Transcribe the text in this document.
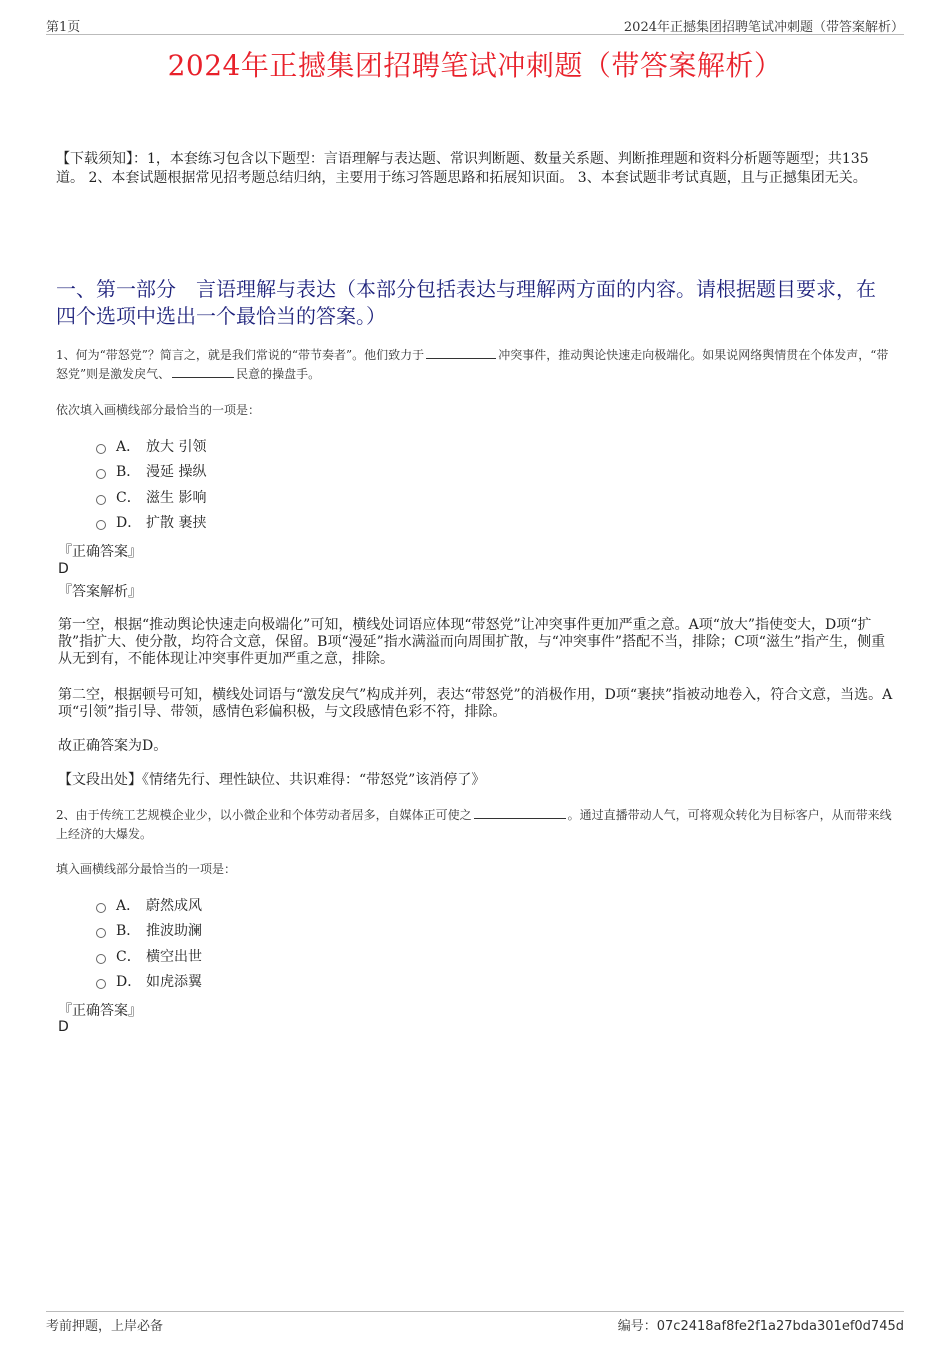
第1页	2024年正撼集团招聘笔试冲刺题（带答案解析）
2024年正撼集团招聘笔试冲刺题（带答案解析）
【下载须知】：1，本套练习包含以下题型：言语理解与表达题、常识判断题、数量关系题、判断推理题和资料分析题等题型；共135道。 2、本套试题根据常见招考题总结归纳，主要用于练习答题思路和拓展知识面。 3、本套试题非考试真题，且与正撼集团无关。
一、第一部分　言语理解与表达（本部分包括表达与理解两方面的内容。请根据题目要求，在四个选项中选出一个最恰当的答案。）
1、何为“带怒党”？简言之，就是我们常说的“带节奏者”。他们致力于	冲突事件，推动舆论快速走向极端化。如果说网络舆情贯在个体发声，“带怒党”则是激发戾气、	民意的操盘手。
依次填入画横线部分最恰当的一项是：
A． 放大 引领
B． 漫延 操纵
C． 滋生 影响
D． 扩散 裹挟
『正确答案』
D
『答案解析』
第一空，根据“推动舆论快速走向极端化”可知，横线处词语应体现“带怒党”让冲突事件更加严重之意。A项“放大”指使变大，D项“扩散”指扩大、使分散，均符合文意，保留。B项“漫延”指水满溢而向周围扩散，与“冲突事件”搭配不当，排除；C项“滋生”指产生，侧重从无到有，不能体现让冲突事件更加严重之意，排除。
第二空，根据顿号可知，横线处词语与“激发戾气”构成并列，表达“带怒党”的消极作用，D项“裹挟”指被动地卷入，符合文意，当选。A项“引领”指引导、带领，感情色彩偏积极，与文段感情色彩不符，排除。
故正确答案为D。
【文段出处】《情绪先行、理性缺位、共识难得：“带怒党”该消停了》
2、由于传统工艺规模企业少，以小微企业和个体劳动者居多，自媒体正可使之	。通过直播带动人气，可将观众转化为目标客户，从而带来线上经济的大爆发。
填入画横线部分最恰当的一项是：
A． 蔚然成风
B． 推波助澜
C． 横空出世
D． 如虎添翼
『正确答案』
D
考前押题，上岸必备	编号：07c2418af8fe2f1a27bda301ef0d745d
